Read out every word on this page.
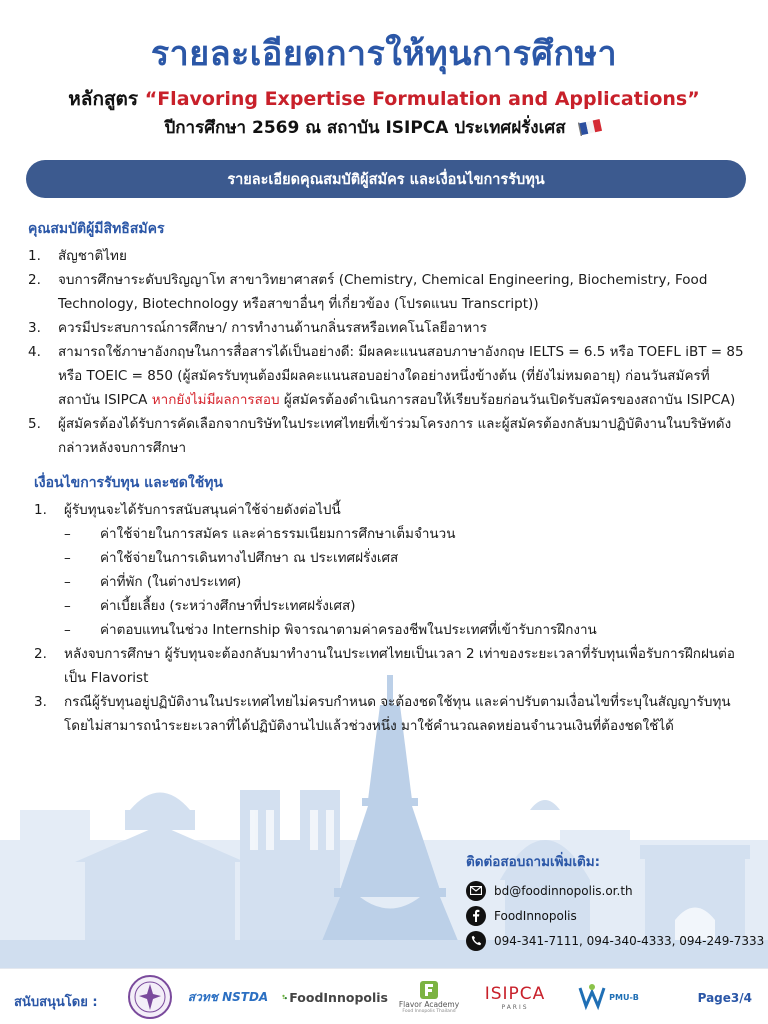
รายละเอียดการให้ทุนการศึกษา
หลักสูตร “Flavoring Expertise Formulation and Applications”
ปีการศึกษา 2569 ณ สถาบัน ISIPCA ประเทศฝรั่งเศส
รายละเอียดคุณสมบัติผู้สมัคร และเงื่อนไขการรับทุน
คุณสมบัติผู้มีสิทธิสมัคร
1.	สัญชาติไทย
2.	จบการศึกษาระดับปริญญาโท สาขาวิทยาศาสตร์ (Chemistry, Chemical Engineering, Biochemistry, Food Technology, Biotechnology หรือสาขาอื่นๆ ที่เกี่ยวข้อง (โปรดแนบ Transcript))
3.	ควรมีประสบการณ์การศึกษา/ การทำงานด้านกลิ่นรสหรือเทคโนโลยีอาหาร
4.	สามารถใช้ภาษาอังกฤษในการสื่อสารได้เป็นอย่างดี: มีผลคะแนนสอบภาษาอังกฤษ IELTS = 6.5 หรือ TOEFL iBT = 85 หรือ TOEIC = 850 (ผู้สมัครรับทุนต้องมีผลคะแนนสอบอย่างใดอย่างหนึ่งข้างต้น (ที่ยังไม่หมดอายุ) ก่อนวันสมัครที่สถาบัน ISIPCA หากยังไม่มีผลการสอบ ผู้สมัครต้องดำเนินการสอบให้เรียบร้อยก่อนวันเปิดรับสมัครของสถาบัน ISIPCA)
5.	ผู้สมัครต้องได้รับการคัดเลือกจากบริษัทในประเทศไทยที่เข้าร่วมโครงการ และผู้สมัครต้องกลับมาปฏิบัติงานในบริษัทดังกล่าวหลังจบการศึกษา
เงื่อนไขการรับทุน และชดใช้ทุน
1.	ผู้รับทุนจะได้รับการสนับสนุนค่าใช้จ่ายดังต่อไปนี้
– ค่าใช้จ่ายในการสมัคร และค่าธรรมเนียมการศึกษาเต็มจำนวน
– ค่าใช้จ่ายในการเดินทางไปศึกษา ณ ประเทศฝรั่งเศส
– ค่าที่พัก (ในต่างประเทศ)
– ค่าเบี้ยเลี้ยง (ระหว่างศึกษาที่ประเทศฝรั่งเศส)
– ค่าตอบแทนในช่วง Internship พิจารณาตามค่าครองชีพในประเทศที่เข้ารับการฝึกงาน
2.	หลังจบการศึกษา ผู้รับทุนจะต้องกลับมาทำงานในประเทศไทยเป็นเวลา 2 เท่าของระยะเวลาที่รับทุนเพื่อรับการฝึกฝนต่อเป็น Flavorist
3.	กรณีผู้รับทุนอยู่ปฏิบัติงานในประเทศไทยไม่ครบกำหนด จะต้องชดใช้ทุน และค่าปรับตามเงื่อนไขที่ระบุในสัญญารับทุน โดยไม่สามารถนำระยะเวลาที่ได้ปฏิบัติงานไปแล้วช่วงหนึ่ง มาใช้คำนวณลดหย่อนจำนวนเงินที่ต้องชดใช้ได้
ติดต่อสอบถามเพิ่มเติม:
bd@foodinnopolis.or.th
FoodInnopolis
094-341-7111, 094-340-4333, 094-249-7333
สนับสนุนโดย :	สวทช NSTDA FoodInnopolis Flavor Academy
Food Innopolis Thailand
ISIPCA
PARIS
PMU-B	Page3/4
